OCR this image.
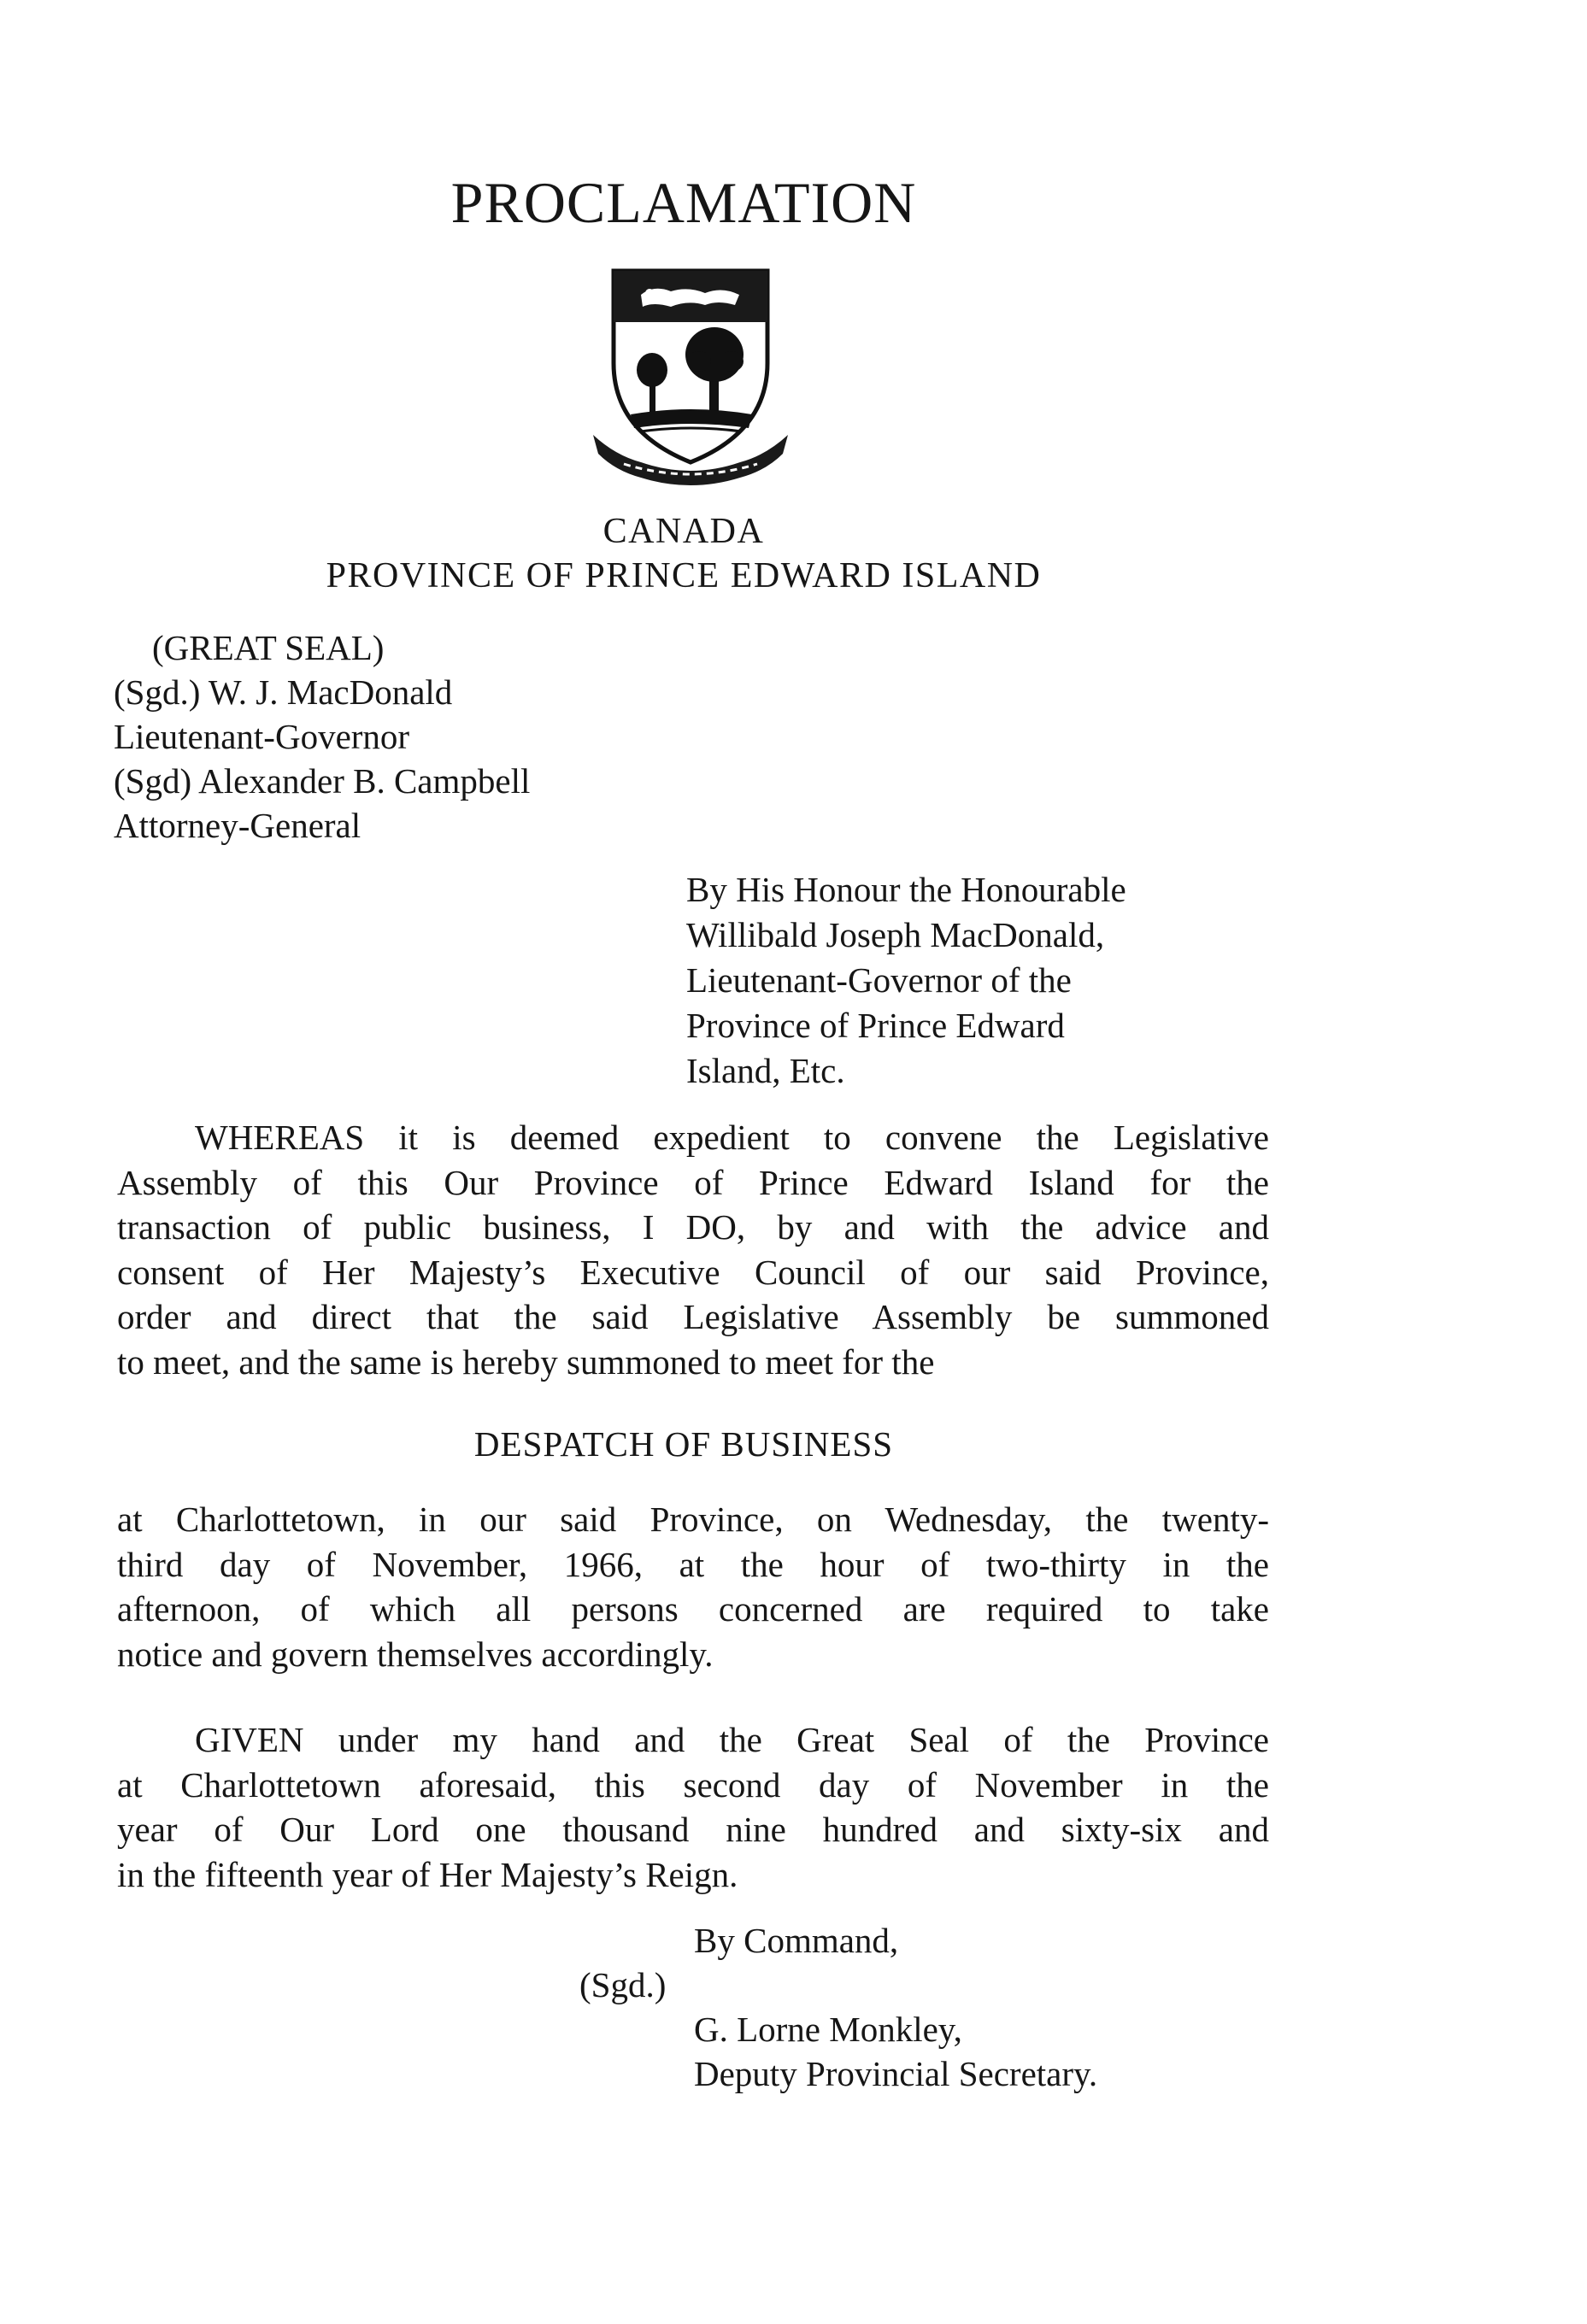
PROCLAMATION
CANADA
PROVINCE OF PRINCE EDWARD ISLAND
(GREAT SEAL)
(Sgd.) W. J. MacDonald
Lieutenant-Governor
(Sgd) Alexander B. Campbell
Attorney-General
By His Honour the Honourable
Willibald Joseph MacDonald,
Lieutenant-Governor of the
Province of Prince Edward
Island, Etc.
WHEREAS it is deemed expedient to convene the Legislative
Assembly of this Our Province of Prince Edward Island for the
transaction of public business, I DO, by and with the advice and
consent of Her Majesty’s Executive Council of our said Province,
order and direct that the said Legislative Assembly be summoned
to meet, and the same is hereby summoned to meet for the
DESPATCH OF BUSINESS
at Charlottetown, in our said Province, on Wednesday, the twenty-
third day of November, 1966, at the hour of two-thirty in the
afternoon, of which all persons concerned are required to take
notice and govern themselves accordingly.
GIVEN under my hand and the Great Seal of the Province
at Charlottetown aforesaid, this second day of November in the
year of Our Lord one thousand nine hundred and sixty-six and
in the fifteenth year of Her Majesty’s Reign.
By Command,
(Sgd.)
G. Lorne Monkley,
Deputy Provincial Secretary.
